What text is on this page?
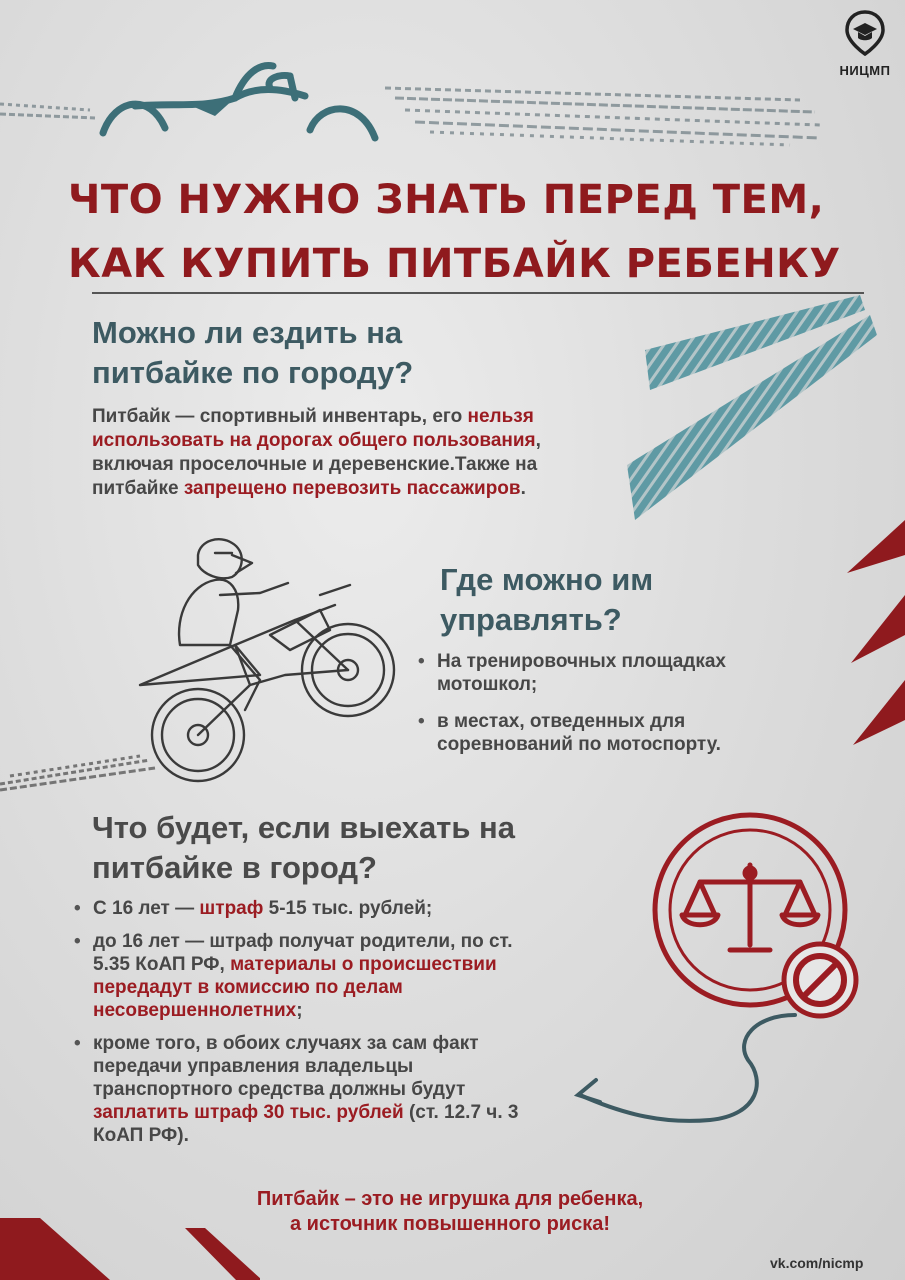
НИЦМП
ЧТО НУЖНО ЗНАТЬ ПЕРЕД ТЕМ,
КАК КУПИТЬ ПИТБАЙК РЕБЕНКУ
Можно ли ездить на
питбайке по городу?

Питбайк — спортивный инвентарь, его нельзя использовать на дорогах общего пользования, включая проселочные и деревенские.Также на питбайке запрещено перевозить пассажиров.

Где можно им
управлять?
• На тренировочных площадках мотошкол;
• в местах, отведенных для соревнований по мотоспорту.
Что будет, если выехать на
питбайке в город?
• С 16 лет — штраф 5-15 тыс. рублей;
• до 16 лет — штраф получат родители, по ст. 5.35 КоАП РФ, материалы о происшествии передадут в комиссию по делам несовершеннолетних;
• кроме того, в обоих случаях за сам факт передачи управления владельцы транспортного средства должны будут заплатить штраф 30 тыс. рублей (ст. 12.7 ч. 3 КоАП РФ).
Питбайк – это не игрушка для ребенка,
а источник повышенного риска!
vk.com/nicmp
